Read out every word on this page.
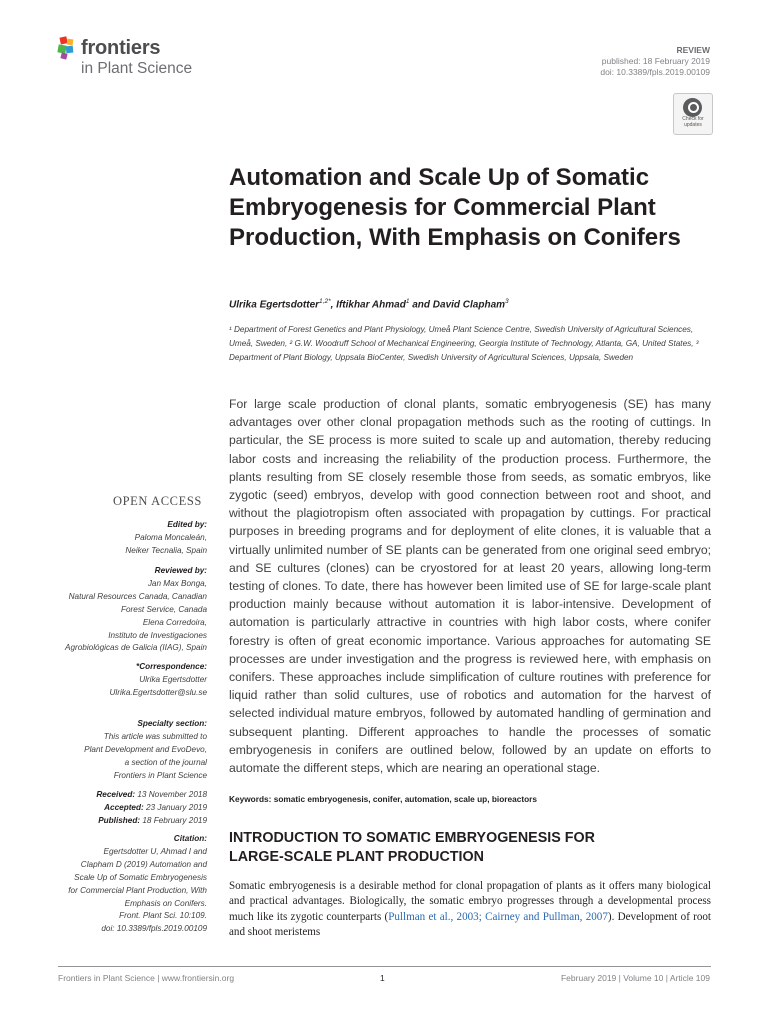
frontiers
in Plant Science
REVIEW
published: 18 February 2019
doi: 10.3389/fpls.2019.00109
Check for
updates
Automation and Scale Up of Somatic Embryogenesis for Commercial Plant Production, With Emphasis on Conifers
Ulrika Egertsdotter$^{1,2*}$, Iftikhar Ahmad$^1$ and David Clapham$^3$
¹ Department of Forest Genetics and Plant Physiology, Umeå Plant Science Centre, Swedish University of Agricultural Sciences, Umeå, Sweden, ² G.W. Woodruff School of Mechanical Engineering, Georgia Institute of Technology, Atlanta, GA, United States, ³ Department of Plant Biology, Uppsala BioCenter, Swedish University of Agricultural Sciences, Uppsala, Sweden
OPEN ACCESS
Edited by:
Paloma Moncaleán,
Neiker Tecnalia, Spain
Reviewed by:
Jan Max Bonga,
Natural Resources Canada, Canadian
Forest Service, Canada
Elena Corredoira,
Instituto de Investigaciones
Agrobiológicas de Galicia (IIAG), Spain
*Correspondence:
Ulrika Egertsdotter
Ulrika.Egertsdotter@slu.se
Specialty section:
This article was submitted to
Plant Development and EvoDevo,
a section of the journal
Frontiers in Plant Science
Received: 13 November 2018
Accepted: 23 January 2019
Published: 18 February 2019
Citation:
Egertsdotter U, Ahmad I and
Clapham D (2019) Automation and
Scale Up of Somatic Embryogenesis
for Commercial Plant Production, With
Emphasis on Conifers.
Front. Plant Sci. 10:109.
doi: 10.3389/fpls.2019.00109
For large scale production of clonal plants, somatic embryogenesis (SE) has many advantages over other clonal propagation methods such as the rooting of cuttings. In particular, the SE process is more suited to scale up and automation, thereby reducing labor costs and increasing the reliability of the production process. Furthermore, the plants resulting from SE closely resemble those from seeds, as somatic embryos, like zygotic (seed) embryos, develop with good connection between root and shoot, and without the plagiotropism often associated with propagation by cuttings. For practical purposes in breeding programs and for deployment of elite clones, it is valuable that a virtually unlimited number of SE plants can be generated from one original seed embryo; and SE cultures (clones) can be cryostored for at least 20 years, allowing long-term testing of clones. To date, there has however been limited use of SE for large-scale plant production mainly because without automation it is labor-intensive. Development of automation is particularly attractive in countries with high labor costs, where conifer forestry is often of great economic importance. Various approaches for automating SE processes are under investigation and the progress is reviewed here, with emphasis on conifers. These approaches include simplification of culture routines with preference for liquid rather than solid cultures, use of robotics and automation for the harvest of selected individual mature embryos, followed by automated handling of germination and subsequent planting. Different approaches to handle the processes of somatic embryogenesis in conifers are outlined below, followed by an update on efforts to automate the different steps, which are nearing an operational stage.
Keywords: somatic embryogenesis, conifer, automation, scale up, bioreactors
INTRODUCTION TO SOMATIC EMBRYOGENESIS FOR
LARGE-SCALE PLANT PRODUCTION
Somatic embryogenesis is a desirable method for clonal propagation of plants as it offers many biological and practical advantages. Biologically, the somatic embryo progresses through a developmental process much like its zygotic counterparts (Pullman et al., 2003; Cairney and Pullman, 2007). Development of root and shoot meristems
Frontiers in Plant Science | www.frontiersin.org	1	February 2019 | Volume 10 | Article 109
